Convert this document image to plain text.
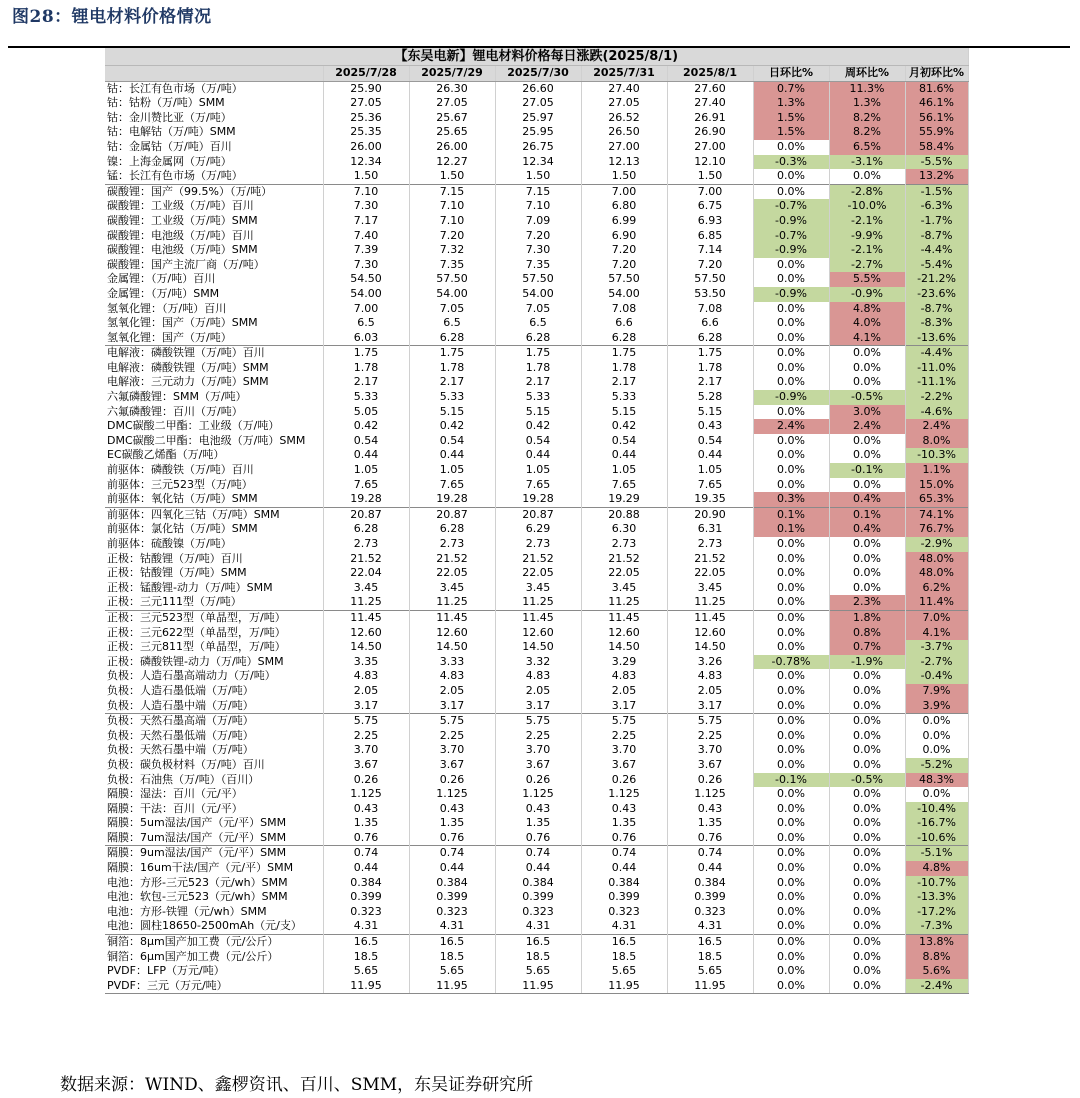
图28：锂电材料价格情况
【东吴电新】锂电材料价格每日涨跌(2025/8/1)								
	2025/7/28	2025/7/29	2025/7/30	2025/7/31	2025/8/1	日环比%	周环比%	月初环比%
钴：长江有色市场（万/吨）	25.90	26.30	26.60	27.40	27.60	0.7%	11.3%	81.6%
钴：钴粉（万/吨）SMM	27.05	27.05	27.05	27.05	27.40	1.3%	1.3%	46.1%
钴：金川赞比亚（万/吨）	25.36	25.67	25.97	26.52	26.91	1.5%	8.2%	56.1%
钴：电解钴（万/吨）SMM	25.35	25.65	25.95	26.50	26.90	1.5%	8.2%	55.9%
钴：金属钴（万/吨）百川	26.00	26.00	26.75	27.00	27.00	0.0%	6.5%	58.4%
镍：上海金属网（万/吨）	12.34	12.27	12.34	12.13	12.10	-0.3%	-3.1%	-5.5%
锰：长江有色市场（万/吨）	1.50	1.50	1.50	1.50	1.50	0.0%	0.0%	13.2%
碳酸锂：国产（99.5%）（万/吨）	7.10	7.15	7.15	7.00	7.00	0.0%	-2.8%	-1.5%
碳酸锂：工业级（万/吨）百川	7.30	7.10	7.10	6.80	6.75	-0.7%	-10.0%	-6.3%
碳酸锂：工业级（万/吨）SMM	7.17	7.10	7.09	6.99	6.93	-0.9%	-2.1%	-1.7%
碳酸锂：电池级（万/吨）百川	7.40	7.20	7.20	6.90	6.85	-0.7%	-9.9%	-8.7%
碳酸锂：电池级（万/吨）SMM	7.39	7.32	7.30	7.20	7.14	-0.9%	-2.1%	-4.4%
碳酸锂：国产主流厂商（万/吨）	7.30	7.35	7.35	7.20	7.20	0.0%	-2.7%	-5.4%
金属锂：（万/吨）百川	54.50	57.50	57.50	57.50	57.50	0.0%	5.5%	-21.2%
金属锂：（万/吨）SMM	54.00	54.00	54.00	54.00	53.50	-0.9%	-0.9%	-23.6%
氢氧化锂：（万/吨）百川	7.00	7.05	7.05	7.08	7.08	0.0%	4.8%	-8.7%
氢氧化锂：国产（万/吨）SMM	6.5	6.5	6.5	6.6	6.6	0.0%	4.0%	-8.3%
氢氧化锂：国产（万/吨）	6.03	6.28	6.28	6.28	6.28	0.0%	4.1%	-13.6%
电解液：磷酸铁锂（万/吨）百川	1.75	1.75	1.75	1.75	1.75	0.0%	0.0%	-4.4%
电解液：磷酸铁锂（万/吨）SMM	1.78	1.78	1.78	1.78	1.78	0.0%	0.0%	-11.0%
电解液：三元动力（万/吨）SMM	2.17	2.17	2.17	2.17	2.17	0.0%	0.0%	-11.1%
六氟磷酸锂：SMM（万/吨）	5.33	5.33	5.33	5.33	5.28	-0.9%	-0.5%	-2.2%
六氟磷酸锂：百川（万/吨）	5.05	5.15	5.15	5.15	5.15	0.0%	3.0%	-4.6%
DMC碳酸二甲酯：工业级（万/吨）	0.42	0.42	0.42	0.42	0.43	2.4%	2.4%	2.4%
DMC碳酸二甲酯：电池级（万/吨）SMM	0.54	0.54	0.54	0.54	0.54	0.0%	0.0%	8.0%
EC碳酸乙烯酯（万/吨）	0.44	0.44	0.44	0.44	0.44	0.0%	0.0%	-10.3%
前驱体：磷酸铁（万/吨）百川	1.05	1.05	1.05	1.05	1.05	0.0%	-0.1%	1.1%
前驱体：三元523型（万/吨）	7.65	7.65	7.65	7.65	7.65	0.0%	0.0%	15.0%
前驱体：氧化钴（万/吨）SMM	19.28	19.28	19.28	19.29	19.35	0.3%	0.4%	65.3%
前驱体：四氧化三钴（万/吨）SMM	20.87	20.87	20.87	20.88	20.90	0.1%	0.1%	74.1%
前驱体：氯化钴（万/吨）SMM	6.28	6.28	6.29	6.30	6.31	0.1%	0.4%	76.7%
前驱体：硫酸镍（万/吨）	2.73	2.73	2.73	2.73	2.73	0.0%	0.0%	-2.9%
正极：钴酸锂（万/吨）百川	21.52	21.52	21.52	21.52	21.52	0.0%	0.0%	48.0%
正极：钴酸锂（万/吨）SMM	22.04	22.05	22.05	22.05	22.05	0.0%	0.0%	48.0%
正极：锰酸锂-动力（万/吨）SMM	3.45	3.45	3.45	3.45	3.45	0.0%	0.0%	6.2%
正极：三元111型（万/吨）	11.25	11.25	11.25	11.25	11.25	0.0%	2.3%	11.4%
正极：三元523型（单晶型，万/吨）	11.45	11.45	11.45	11.45	11.45	0.0%	1.8%	7.0%
正极：三元622型（单晶型，万/吨）	12.60	12.60	12.60	12.60	12.60	0.0%	0.8%	4.1%
正极：三元811型（单晶型，万/吨）	14.50	14.50	14.50	14.50	14.50	0.0%	0.7%	-3.7%
正极：磷酸铁锂-动力（万/吨）SMM	3.35	3.33	3.32	3.29	3.26	-0.78%	-1.9%	-2.7%
负极：人造石墨高端动力（万/吨）	4.83	4.83	4.83	4.83	4.83	0.0%	0.0%	-0.4%
负极：人造石墨低端（万/吨）	2.05	2.05	2.05	2.05	2.05	0.0%	0.0%	7.9%
负极：人造石墨中端（万/吨）	3.17	3.17	3.17	3.17	3.17	0.0%	0.0%	3.9%
负极：天然石墨高端（万/吨）	5.75	5.75	5.75	5.75	5.75	0.0%	0.0%	0.0%
负极：天然石墨低端（万/吨）	2.25	2.25	2.25	2.25	2.25	0.0%	0.0%	0.0%
负极：天然石墨中端（万/吨）	3.70	3.70	3.70	3.70	3.70	0.0%	0.0%	0.0%
负极：碳负极材料（万/吨）百川	3.67	3.67	3.67	3.67	3.67	0.0%	0.0%	-5.2%
负极：石油焦（万/吨）（百川）	0.26	0.26	0.26	0.26	0.26	-0.1%	-0.5%	48.3%
隔膜：湿法：百川（元/平）	1.125	1.125	1.125	1.125	1.125	0.0%	0.0%	0.0%
隔膜：干法：百川（元/平）	0.43	0.43	0.43	0.43	0.43	0.0%	0.0%	-10.4%
隔膜：5um湿法/国产（元/平）SMM	1.35	1.35	1.35	1.35	1.35	0.0%	0.0%	-16.7%
隔膜：7um湿法/国产（元/平）SMM	0.76	0.76	0.76	0.76	0.76	0.0%	0.0%	-10.6%
隔膜：9um湿法/国产（元/平）SMM	0.74	0.74	0.74	0.74	0.74	0.0%	0.0%	-5.1%
隔膜：16um干法/国产（元/平）SMM	0.44	0.44	0.44	0.44	0.44	0.0%	0.0%	4.8%
电池：方形-三元523（元/wh）SMM	0.384	0.384	0.384	0.384	0.384	0.0%	0.0%	-10.7%
电池：软包-三元523（元/wh）SMM	0.399	0.399	0.399	0.399	0.399	0.0%	0.0%	-13.3%
电池：方形-铁锂（元/wh）SMM	0.323	0.323	0.323	0.323	0.323	0.0%	0.0%	-17.2%
电池：圆柱18650-2500mAh（元/支）	4.31	4.31	4.31	4.31	4.31	0.0%	0.0%	-7.3%
铜箔：8μm国产加工费（元/公斤）	16.5	16.5	16.5	16.5	16.5	0.0%	0.0%	13.8%
铜箔：6μm国产加工费（元/公斤）	18.5	18.5	18.5	18.5	18.5	0.0%	0.0%	8.8%
PVDF：LFP（万元/吨）	5.65	5.65	5.65	5.65	5.65	0.0%	0.0%	5.6%
PVDF：三元（万元/吨）	11.95	11.95	11.95	11.95	11.95	0.0%	0.0%	-2.4%
数据来源：WIND、鑫椤资讯、百川、SMM，东吴证券研究所
